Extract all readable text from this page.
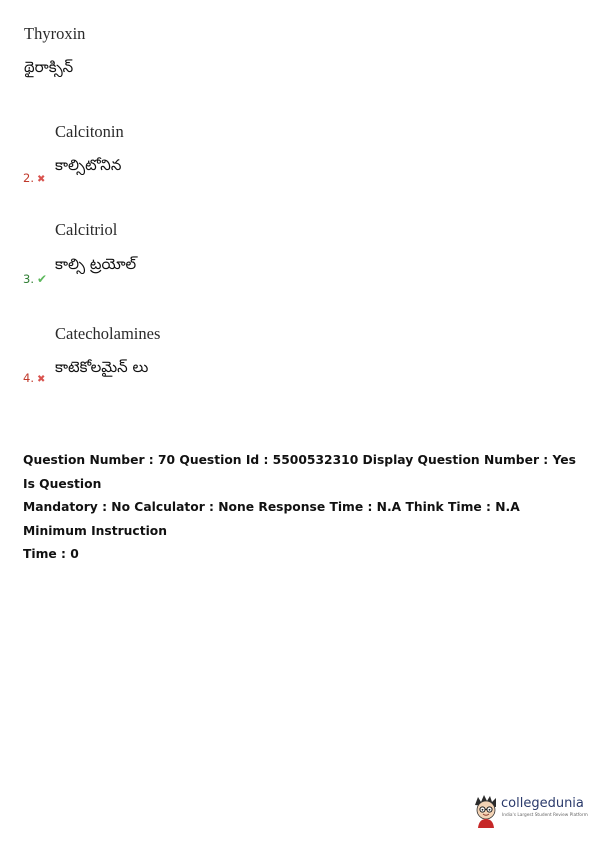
Thyroxin
థైరాక్సిన్
Calcitonin
కాల్సిటోనిన
2. ✖
Calcitriol
కాల్సి ట్రయోల్
3. ✔
Catecholamines
కాటెకోలమైన్ లు
4. ✖
Question Number : 70 Question Id : 5500532310 Display Question Number : Yes Is Question
Mandatory : No Calculator : None Response Time : N.A Think Time : N.A Minimum Instruction
Time : 0
collegedunia
India's Largest Student Review Platform
